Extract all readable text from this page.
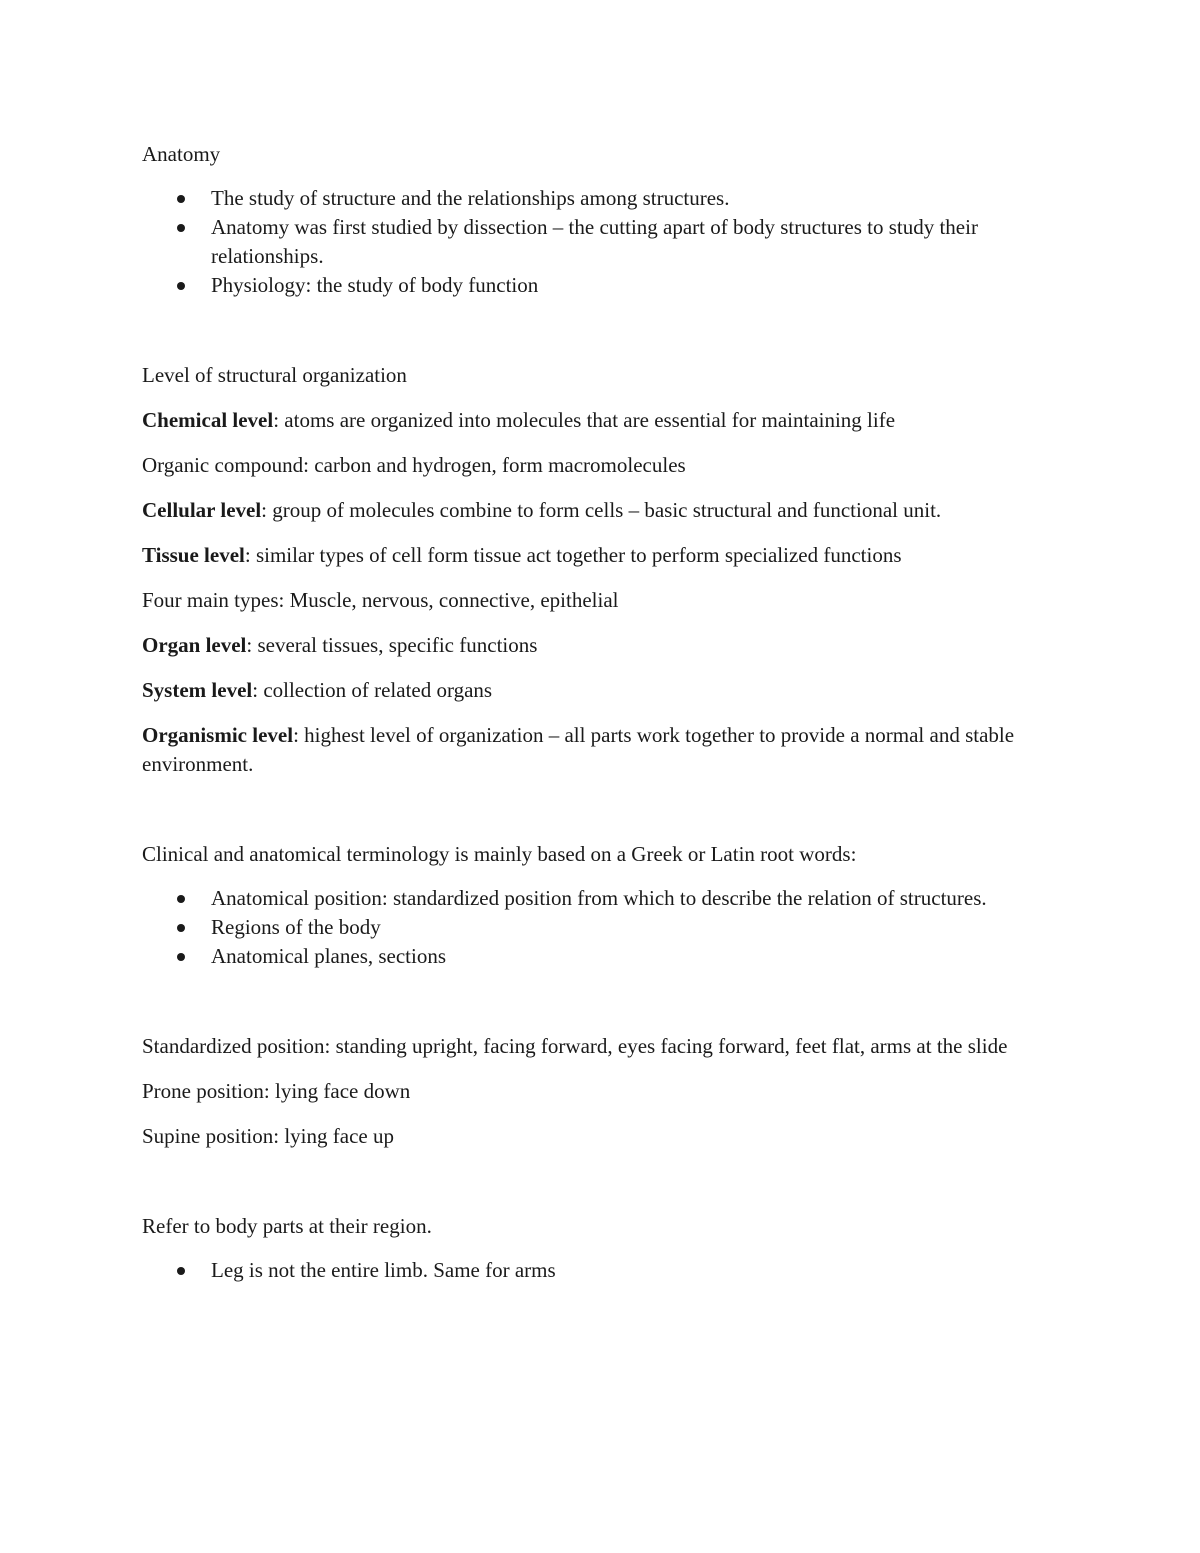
Anatomy

The study of structure and the relationships among structures.
Anatomy was first studied by dissection – the cutting apart of body structures to study their relationships.
Physiology: the study of body function

Level of structural organization

Chemical level: atoms are organized into molecules that are essential for maintaining life

Organic compound: carbon and hydrogen, form macromolecules

Cellular level: group of molecules combine to form cells – basic structural and functional unit.

Tissue level: similar types of cell form tissue act together to perform specialized functions

Four main types: Muscle, nervous, connective, epithelial

Organ level: several tissues, specific functions

System level: collection of related organs

Organismic level: highest level of organization – all parts work together to provide a normal and stable environment.

Clinical and anatomical terminology is mainly based on a Greek or Latin root words:

Anatomical position: standardized position from which to describe the relation of structures.
Regions of the body
Anatomical planes, sections

Standardized position: standing upright, facing forward, eyes facing forward, feet flat, arms at the slide

Prone position: lying face down

Supine position: lying face up

Refer to body parts at their region.

Leg is not the entire limb. Same for arms
